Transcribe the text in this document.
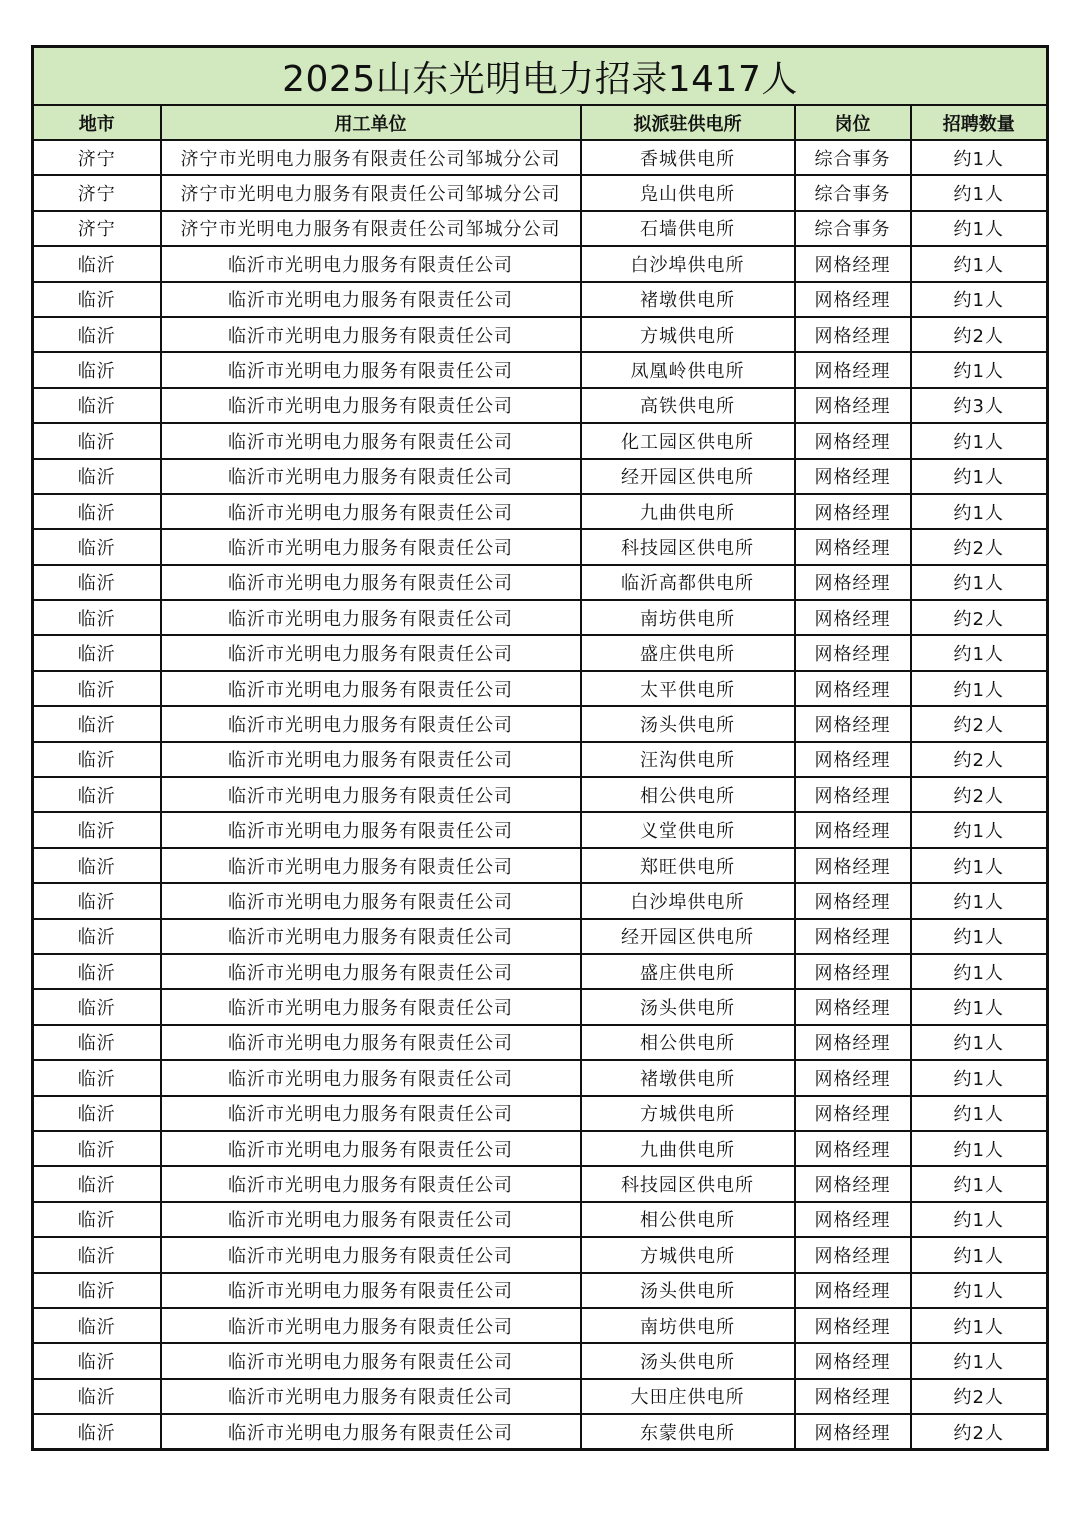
2025山东光明电力招录1417人				
地市	用工单位	拟派驻供电所	岗位	招聘数量
济宁	济宁市光明电力服务有限责任公司邹城分公司	香城供电所	综合事务	约1人
济宁	济宁市光明电力服务有限责任公司邹城分公司	凫山供电所	综合事务	约1人
济宁	济宁市光明电力服务有限责任公司邹城分公司	石墙供电所	综合事务	约1人
临沂	临沂市光明电力服务有限责任公司	白沙埠供电所	网格经理	约1人
临沂	临沂市光明电力服务有限责任公司	褚墩供电所	网格经理	约1人
临沂	临沂市光明电力服务有限责任公司	方城供电所	网格经理	约2人
临沂	临沂市光明电力服务有限责任公司	凤凰岭供电所	网格经理	约1人
临沂	临沂市光明电力服务有限责任公司	高铁供电所	网格经理	约3人
临沂	临沂市光明电力服务有限责任公司	化工园区供电所	网格经理	约1人
临沂	临沂市光明电力服务有限责任公司	经开园区供电所	网格经理	约1人
临沂	临沂市光明电力服务有限责任公司	九曲供电所	网格经理	约1人
临沂	临沂市光明电力服务有限责任公司	科技园区供电所	网格经理	约2人
临沂	临沂市光明电力服务有限责任公司	临沂高都供电所	网格经理	约1人
临沂	临沂市光明电力服务有限责任公司	南坊供电所	网格经理	约2人
临沂	临沂市光明电力服务有限责任公司	盛庄供电所	网格经理	约1人
临沂	临沂市光明电力服务有限责任公司	太平供电所	网格经理	约1人
临沂	临沂市光明电力服务有限责任公司	汤头供电所	网格经理	约2人
临沂	临沂市光明电力服务有限责任公司	汪沟供电所	网格经理	约2人
临沂	临沂市光明电力服务有限责任公司	相公供电所	网格经理	约2人
临沂	临沂市光明电力服务有限责任公司	义堂供电所	网格经理	约1人
临沂	临沂市光明电力服务有限责任公司	郑旺供电所	网格经理	约1人
临沂	临沂市光明电力服务有限责任公司	白沙埠供电所	网格经理	约1人
临沂	临沂市光明电力服务有限责任公司	经开园区供电所	网格经理	约1人
临沂	临沂市光明电力服务有限责任公司	盛庄供电所	网格经理	约1人
临沂	临沂市光明电力服务有限责任公司	汤头供电所	网格经理	约1人
临沂	临沂市光明电力服务有限责任公司	相公供电所	网格经理	约1人
临沂	临沂市光明电力服务有限责任公司	褚墩供电所	网格经理	约1人
临沂	临沂市光明电力服务有限责任公司	方城供电所	网格经理	约1人
临沂	临沂市光明电力服务有限责任公司	九曲供电所	网格经理	约1人
临沂	临沂市光明电力服务有限责任公司	科技园区供电所	网格经理	约1人
临沂	临沂市光明电力服务有限责任公司	相公供电所	网格经理	约1人
临沂	临沂市光明电力服务有限责任公司	方城供电所	网格经理	约1人
临沂	临沂市光明电力服务有限责任公司	汤头供电所	网格经理	约1人
临沂	临沂市光明电力服务有限责任公司	南坊供电所	网格经理	约1人
临沂	临沂市光明电力服务有限责任公司	汤头供电所	网格经理	约1人
临沂	临沂市光明电力服务有限责任公司	大田庄供电所	网格经理	约2人
临沂	临沂市光明电力服务有限责任公司	东蒙供电所	网格经理	约2人
